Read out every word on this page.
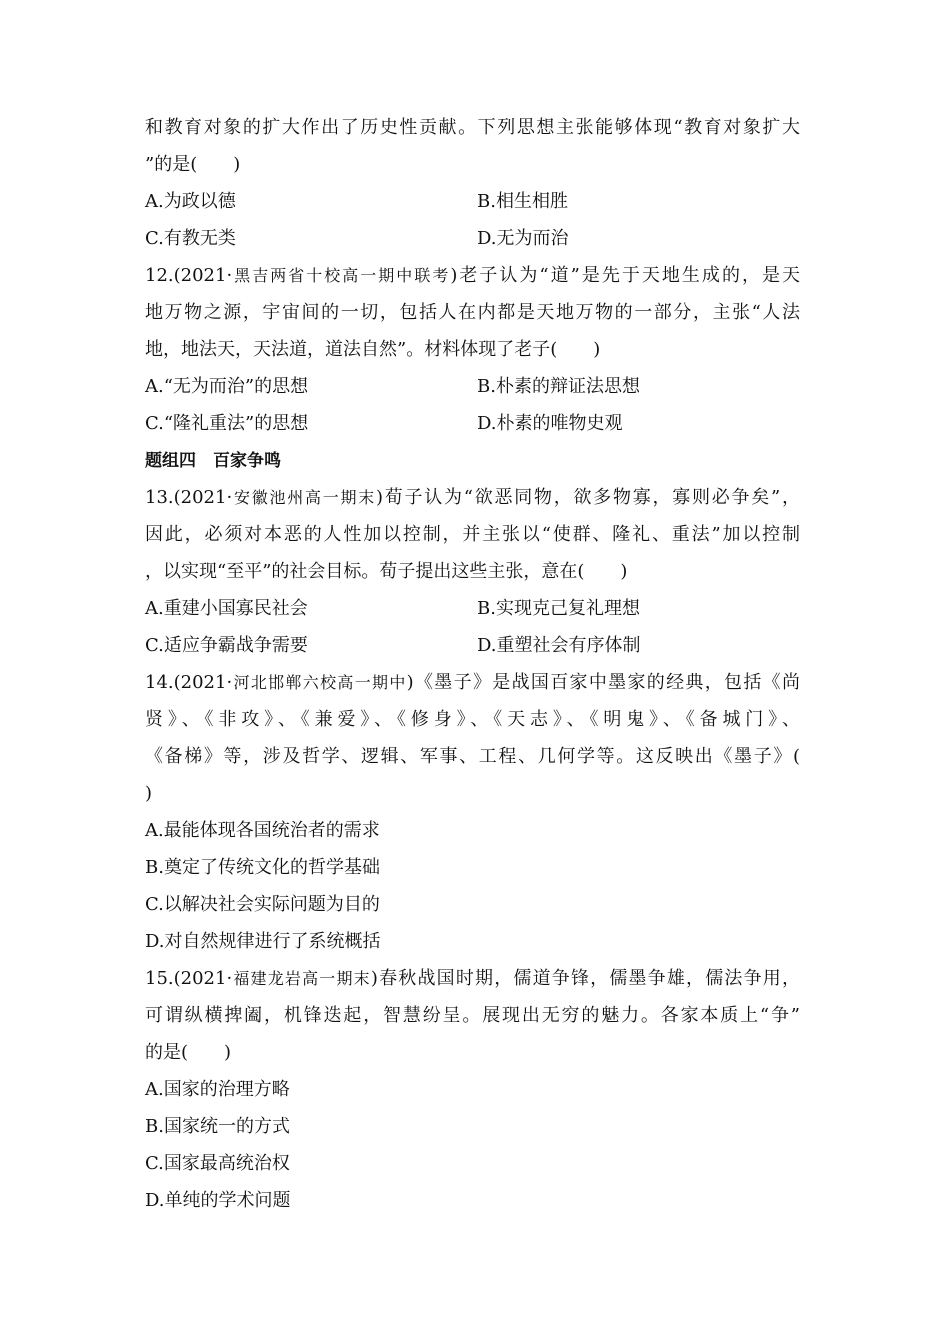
和教育对象的扩大作出了历史性贡献。下列思想主张能够体现“教育对象扩大
”的是(　　)
A.为政以德	B.相生相胜
C.有教无类	D.无为而治
12.(2021·黑吉两省十校高一期中联考)老子认为“道”是先于天地生成的，是天
地万物之源，宇宙间的一切，包括人在内都是天地万物的一部分，主张“人法
地，地法天，天法道，道法自然”。材料体现了老子(　　)
A.“无为而治”的思想	B.朴素的辩证法思想
C.“隆礼重法”的思想	D.朴素的唯物史观
题组四　百家争鸣
13.(2021·安徽池州高一期末)荀子认为“欲恶同物，欲多物寡，寡则必争矣”，
因此，必须对本恶的人性加以控制，并主张以“使群、隆礼、重法”加以控制
，以实现“至平”的社会目标。荀子提出这些主张，意在(　　)
A.重建小国寡民社会	B.实现克己复礼理想
C.适应争霸战争需要	D.重塑社会有序体制
14.(2021·河北邯郸六校高一期中)《墨子》是战国百家中墨家的经典，包括《尚
贤》、《非攻》、《兼爱》、《修身》、《天志》、《明鬼》、《备城门》、
《备梯》等，涉及哲学、逻辑、军事、工程、几何学等。这反映出《墨子》(
)
A.最能体现各国统治者的需求
B.奠定了传统文化的哲学基础
C.以解决社会实际问题为目的
D.对自然规律进行了系统概括
15.(2021·福建龙岩高一期末)春秋战国时期，儒道争锋，儒墨争雄，儒法争用，
可谓纵横捭阖，机锋迭起，智慧纷呈。展现出无穷的魅力。各家本质上“争”
的是(　　)
A.国家的治理方略
B.国家统一的方式
C.国家最高统治权
D.单纯的学术问题
